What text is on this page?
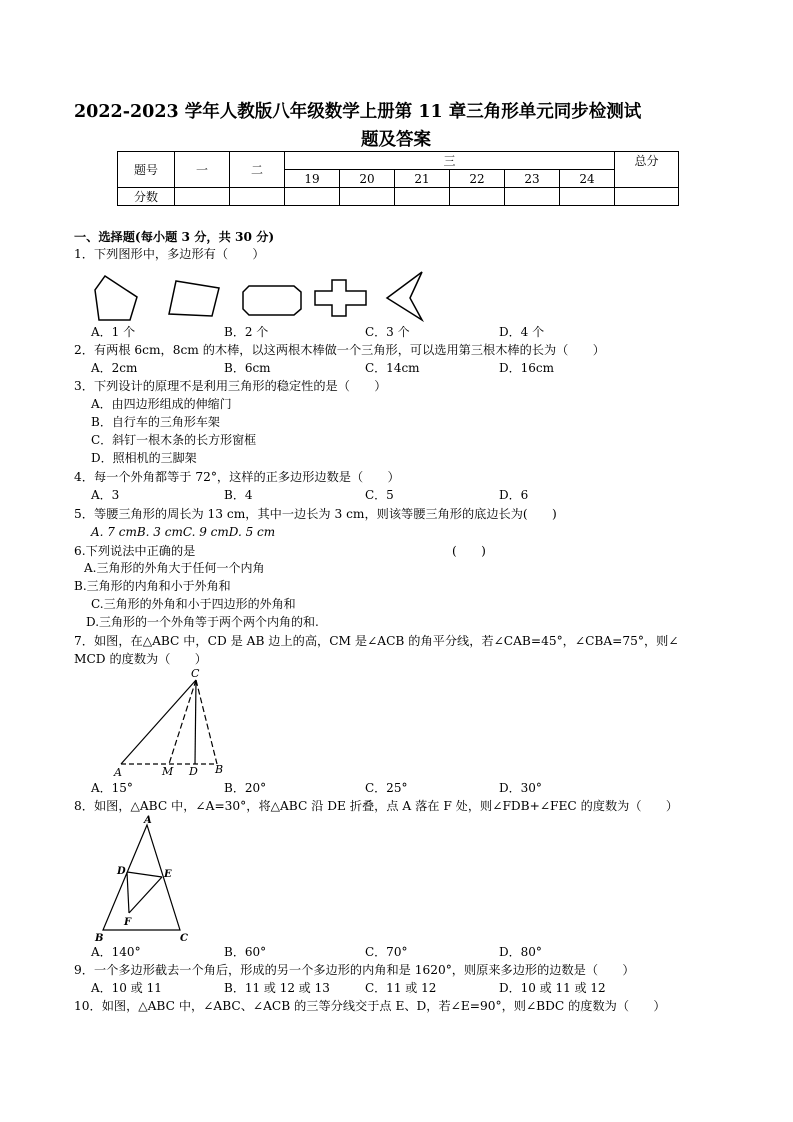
2022-2023 学年人教版八年级数学上册第 11 章三角形单元同步检测试
题及答案
题号	一	二	三						总分
			19	20	21	22	23	24	
分数									
一、选择题(每小题 3 分，共 30 分)
1．下列图形中，多边形有（　　）
A．1 个	B．2 个	C．3 个	D．4 个
2．有两根 6cm，8cm 的木棒，以这两根木棒做一个三角形，可以选用第三根木棒的长为（　　）
A．2cm	B．6cm	C．14cm	D．16cm
3．下列设计的原理不是利用三角形的稳定性的是（　　）
A．由四边形组成的伸缩门
B．自行车的三角形车架
C．斜钉一根木条的长方形窗框
D．照相机的三脚架
4．每一个外角都等于 72°，这样的正多边形边数是（　　）
A．3	B．4	C．5	D．6
5．等腰三角形的周长为 13 cm，其中一边长为 3 cm，则该等腰三角形的底边长为(　　)
A. 7 cmB. 3 cmC. 9 cmD. 5 cm
6.下列说法中正确的是	(　　)
A.三角形的外角大于任何一个内角
B.三角形的内角和小于外角和
C.三角形的外角和小于四边形的外角和
D.三角形的一个外角等于两个两个内角的和.
7．如图，在△ABC 中，CD 是 AB 边上的高，CM 是∠ACB 的角平分线，若∠CAB=45°，∠CBA=75°，则∠
MCD 的度数为（　　）
C
A	M D B
A．15°	B．20°	C．25°	D．30°
8．如图，△ABC 中，∠A=30°，将△ABC 沿 DE 折叠，点 A 落在 F 处，则∠FDB+∠FEC 的度数为（　　）
A
D	E
F
B	C
A．140°	B．60°	C．70°	D．80°
9．一个多边形截去一个角后，形成的另一个多边形的内角和是 1620°，则原来多边形的边数是（　　）
A．10 或 11	B．11 或 12 或 13	C．11 或 12	D．10 或 11 或 12
10．如图，△ABC 中，∠ABC、∠ACB 的三等分线交于点 E、D，若∠E=90°，则∠BDC 的度数为（　　）
